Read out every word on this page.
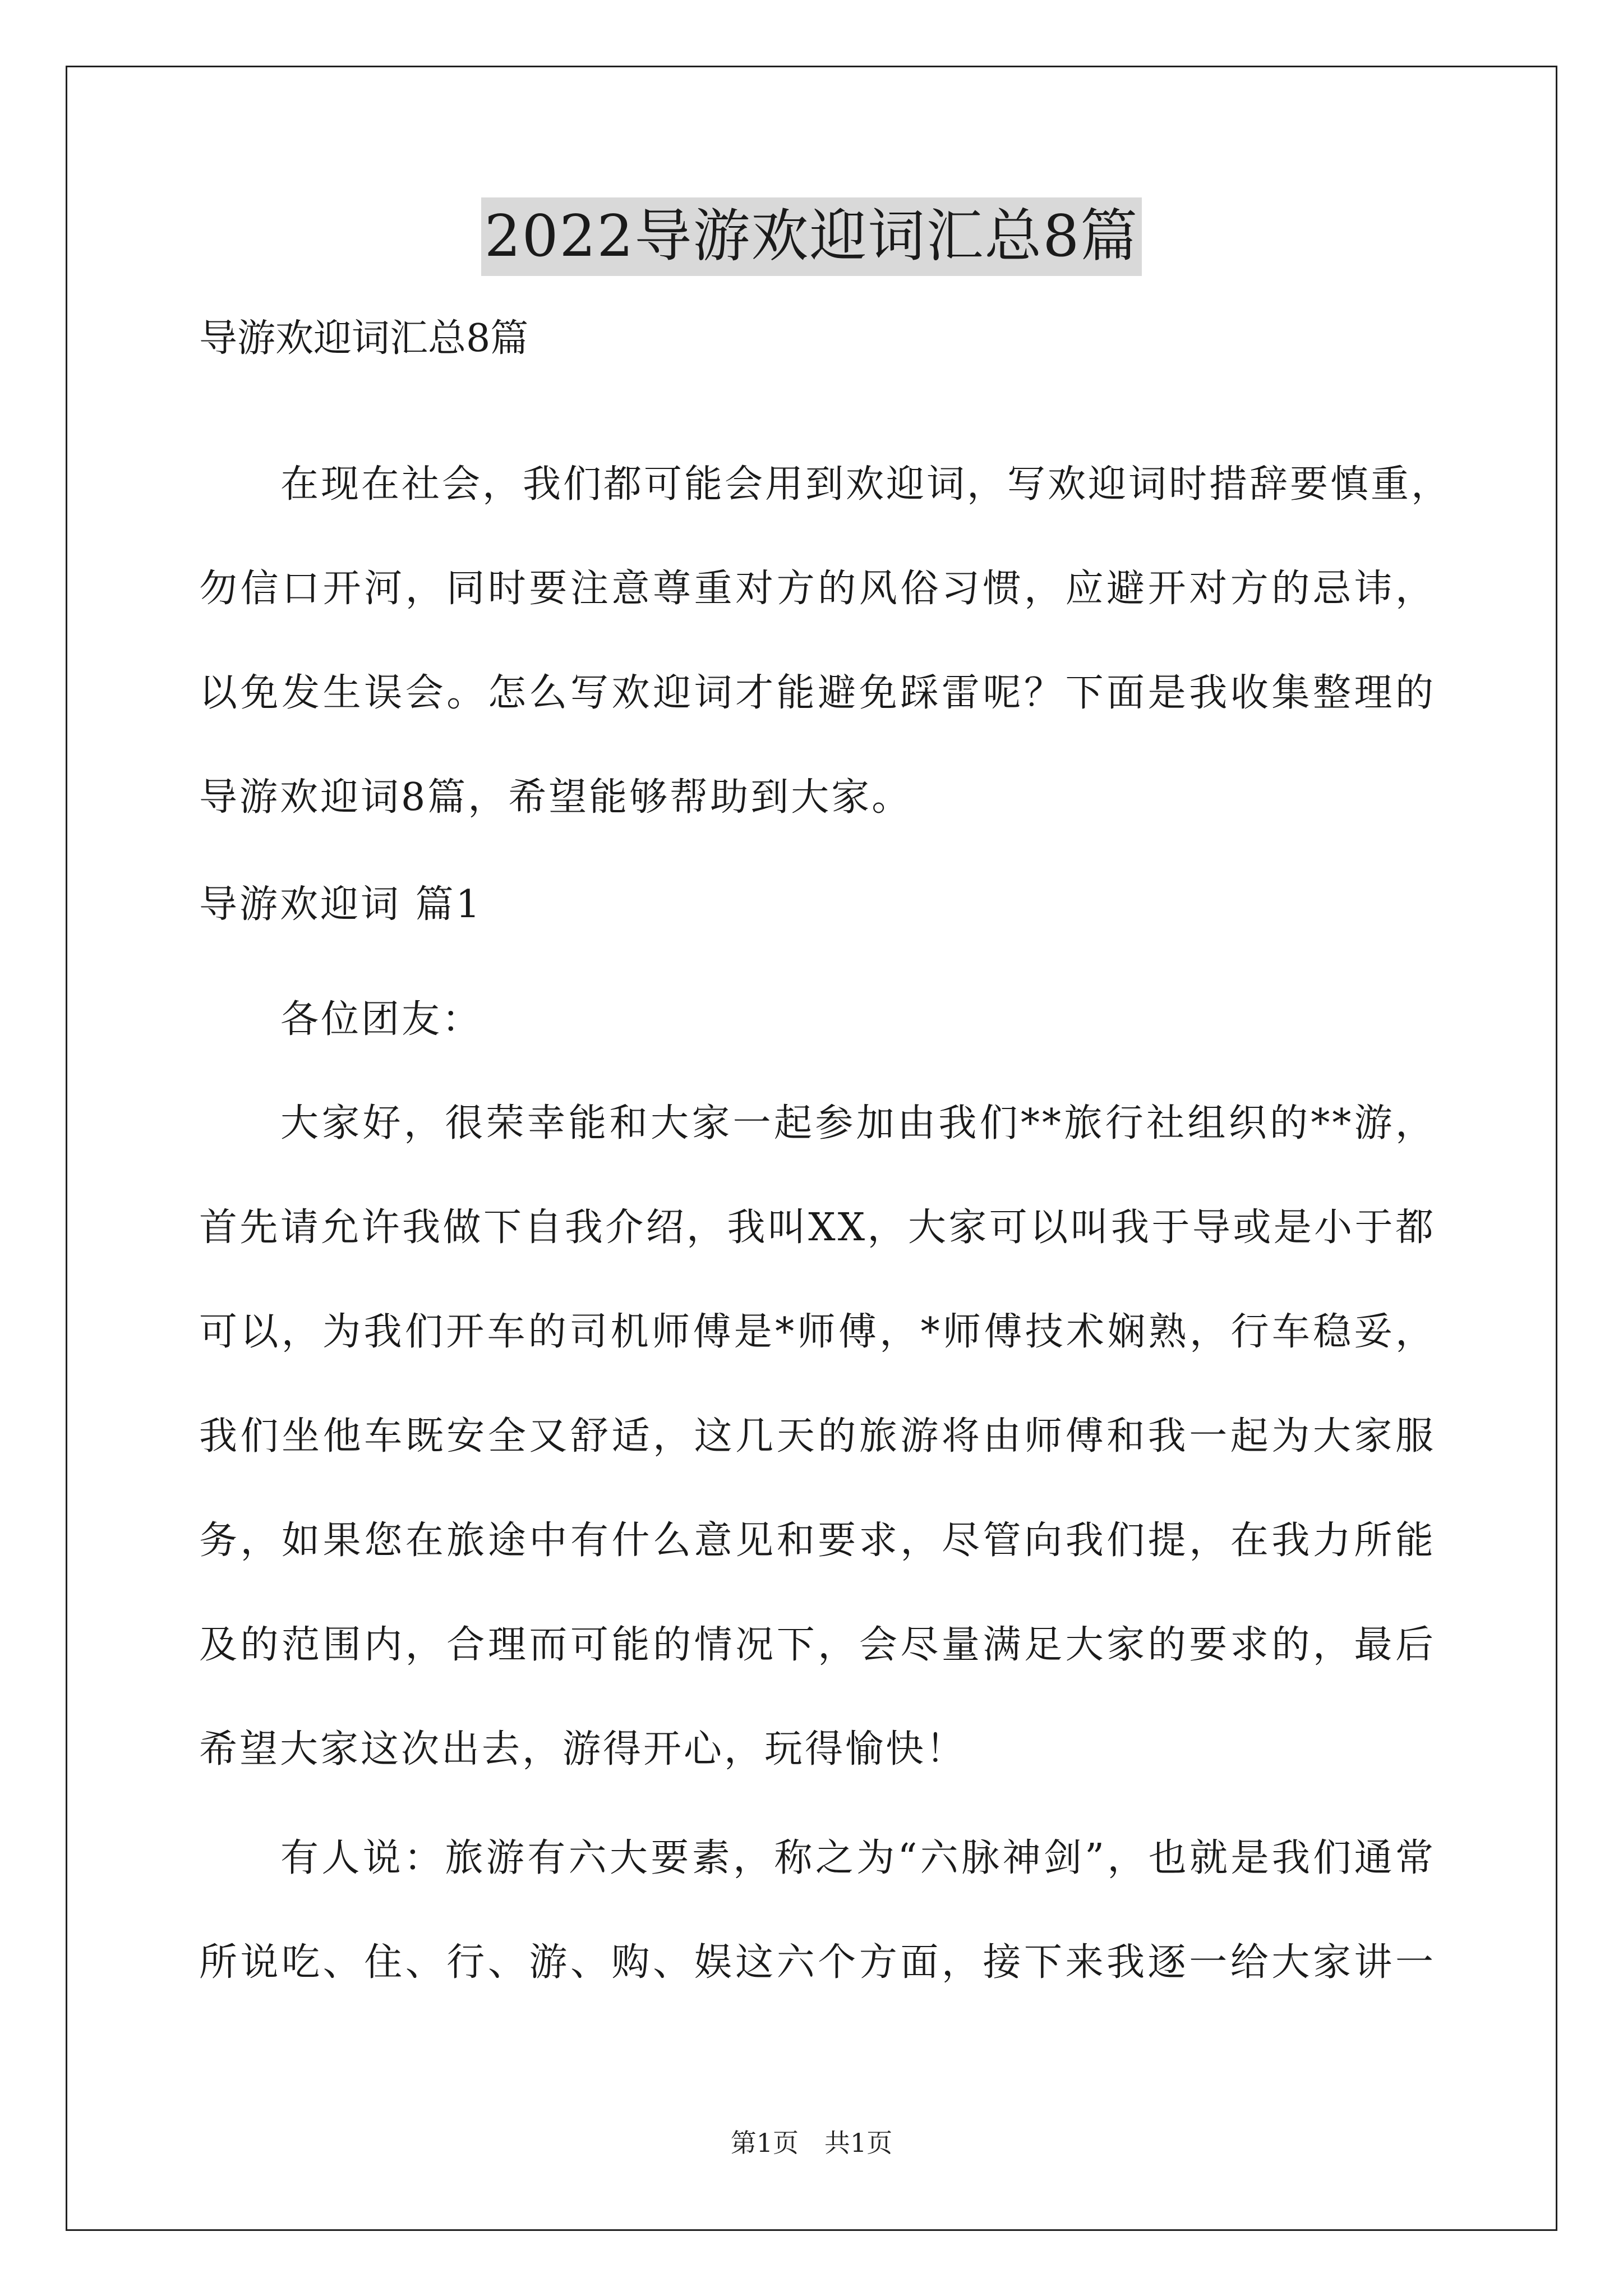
2022导游欢迎词汇总8篇
导游欢迎词汇总8篇
在现在社会，我们都可能会用到欢迎词，写欢迎词时措辞要慎重，
勿信口开河，同时要注意尊重对方的风俗习惯，应避开对方的忌讳，
以免发生误会。怎么写欢迎词才能避免踩雷呢？下面是我收集整理的
导游欢迎词8篇，希望能够帮助到大家。
导游欢迎词 篇1
各位团友：
大家好，很荣幸能和大家一起参加由我们**旅行社组织的**游，
首先请允许我做下自我介绍，我叫XX，大家可以叫我于导或是小于都
可以，为我们开车的司机师傅是*师傅，*师傅技术娴熟，行车稳妥，
我们坐他车既安全又舒适，这几天的旅游将由师傅和我一起为大家服
务，如果您在旅途中有什么意见和要求，尽管向我们提，在我力所能
及的范围内，合理而可能的情况下，会尽量满足大家的要求的，最后
希望大家这次出去，游得开心，玩得愉快！
有人说：旅游有六大要素，称之为“六脉神剑”，也就是我们通常
所说吃、住、行、游、购、娱这六个方面，接下来我逐一给大家讲一
第1页　共1页
